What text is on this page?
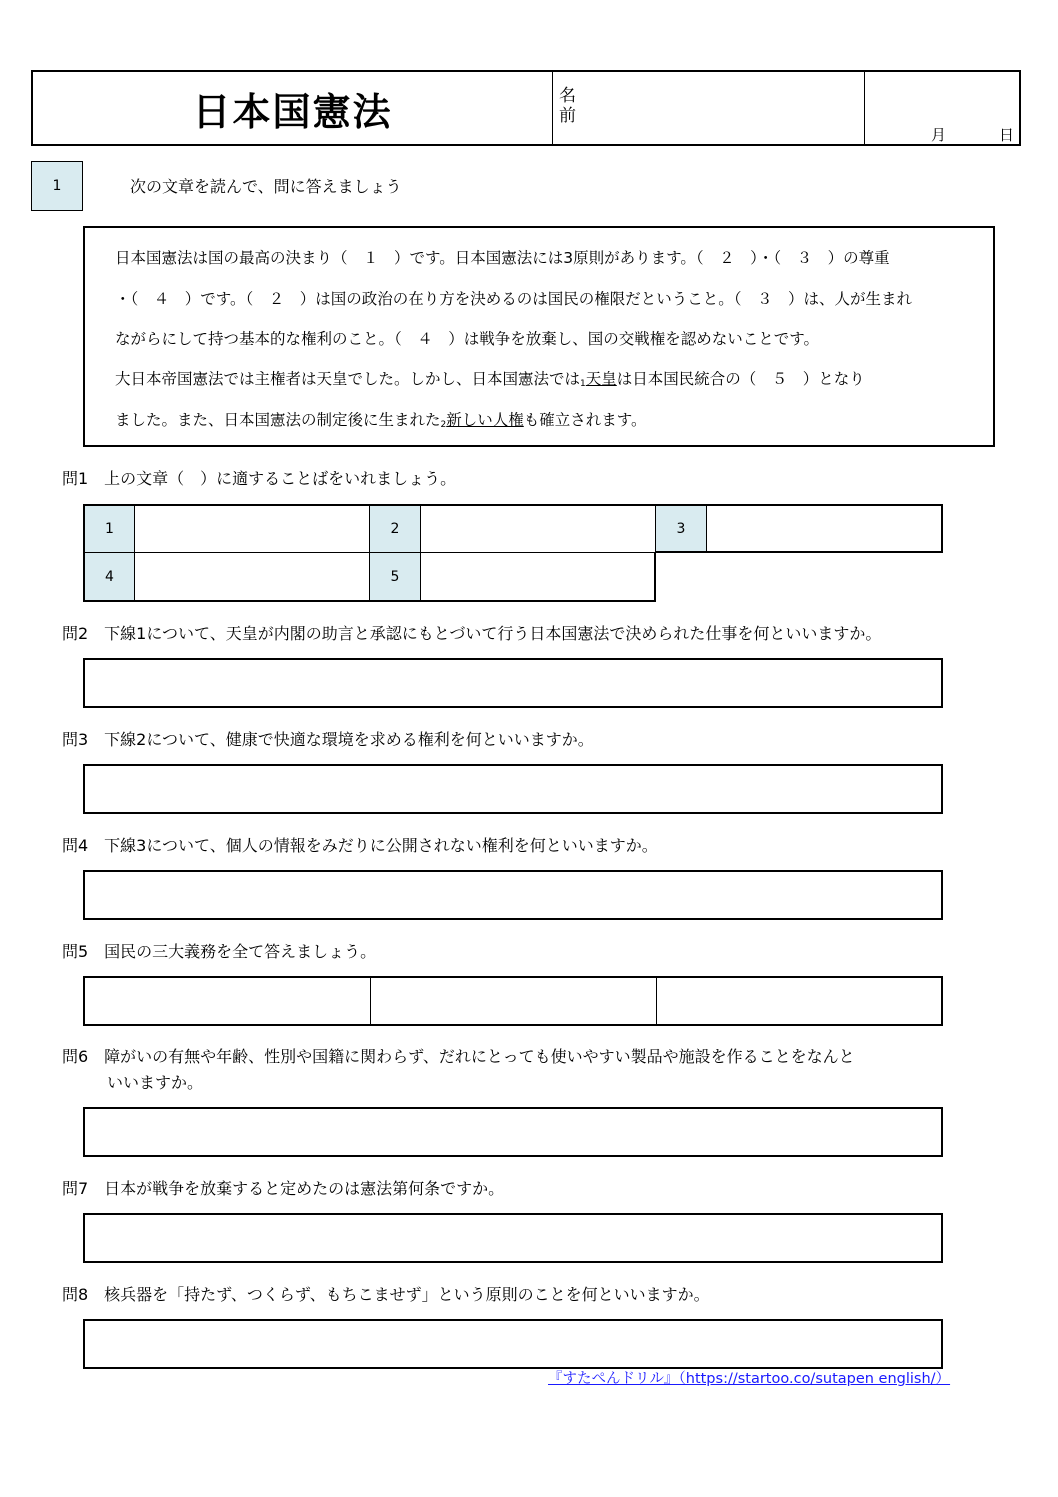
日本国憲法	名前
月	日
1	次の文章を読んで、問に答えましょう
日本国憲法は国の最高の決まり（　１　）です。日本国憲法には3原則があります。（　２　）・（　３　）の尊重
・（　４　）です。（　２　）は国の政治の在り方を決めるのは国民の権限だということ。（　３　）は、人が生まれ
ながらにして持つ基本的な権利のこと。（　４　）は戦争を放棄し、国の交戦権を認めないことです。
大日本帝国憲法では主権者は天皇でした。しかし、日本国憲法では$_1$天皇は日本国民統合の（　５　）となり
ました。また、日本国憲法の制定後に生まれた$_2$新しい人権も確立されます。
問1　上の文章（　）に適することばをいれましょう。
1	2	3
4	5
問2　下線1について、天皇が内閣の助言と承認にもとづいて行う日本国憲法で決められた仕事を何といいますか。
問3　下線2について、健康で快適な環境を求める権利を何といいますか。
問4　下線3について、個人の情報をみだりに公開されない権利を何といいますか。
問5　国民の三大義務を全て答えましょう。
問6　障がいの有無や年齢、性別や国籍に関わらず、だれにとっても使いやすい製品や施設を作ることをなんと
いいますか。
問7　日本が戦争を放棄すると定めたのは憲法第何条ですか。
問8　核兵器を「持たず、つくらず、もちこませず」という原則のことを何といいますか。
『すたぺんドリル』（https://startoo.co/sutapen english/）
